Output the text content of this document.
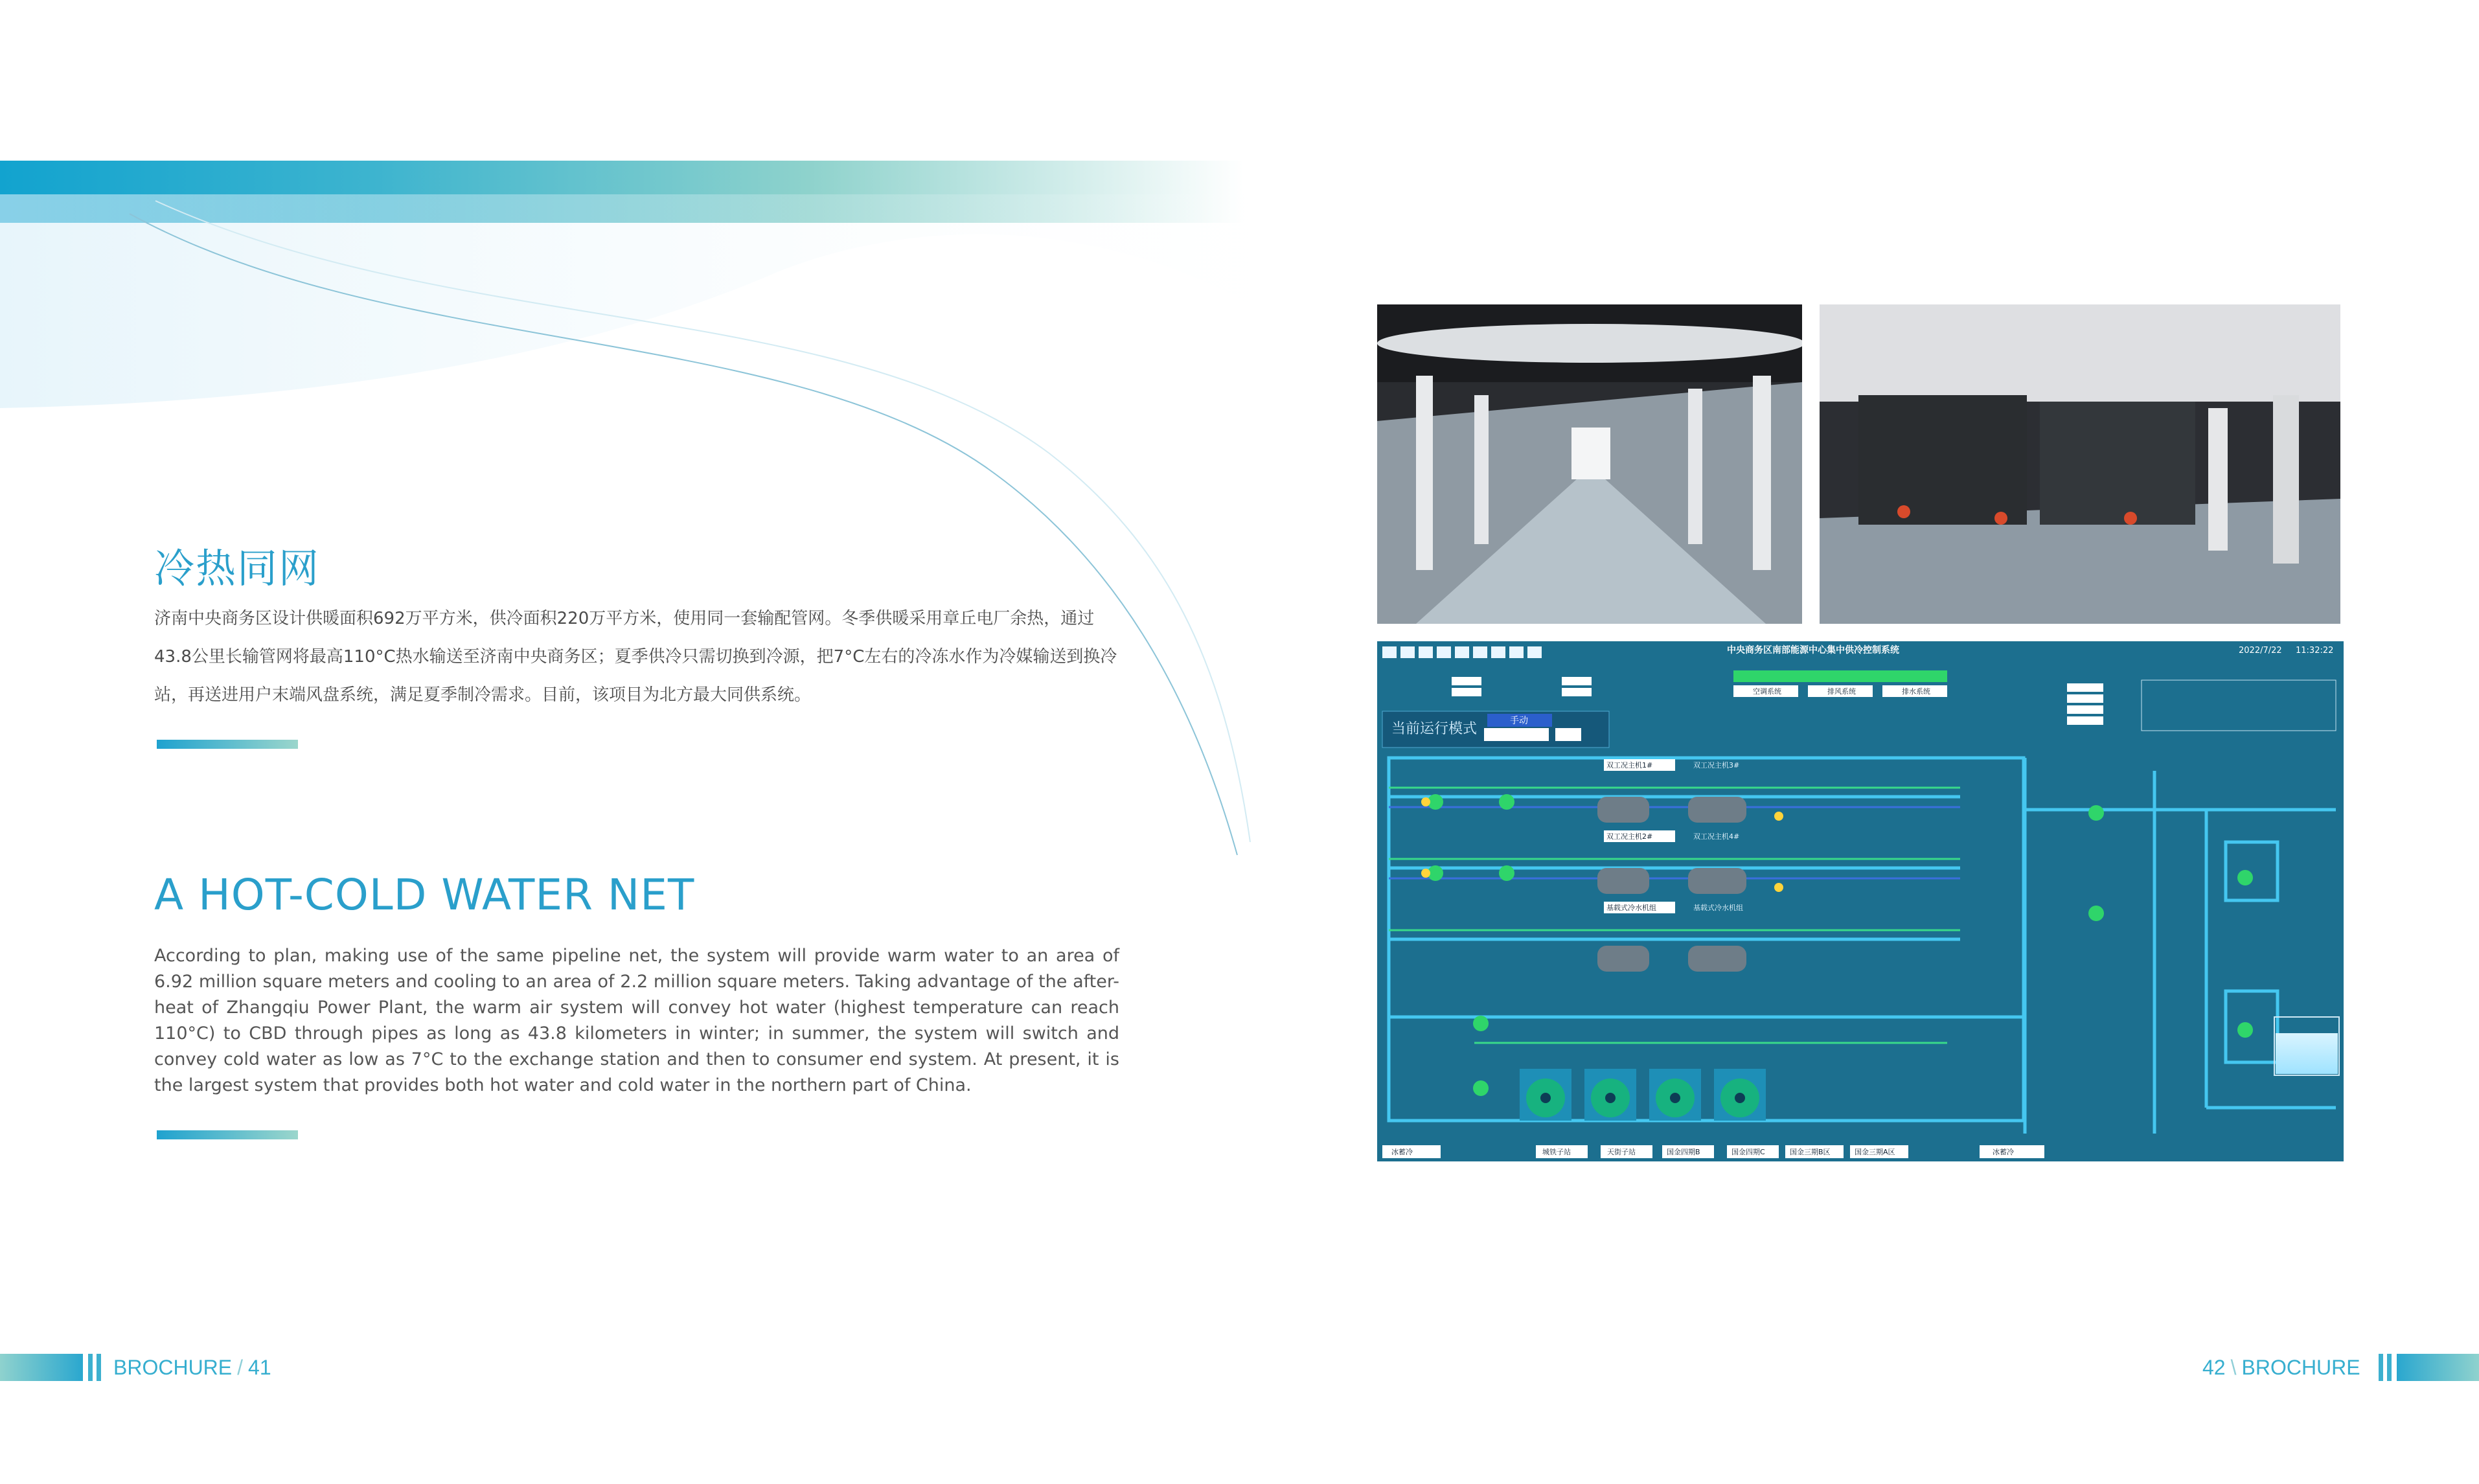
冷热同网
济南中央商务区设计供暖面积692万平方米，供冷面积220万平方米，使用同一套输配管网。冬季供暖采用章丘电厂余热，通过43.8公里长输管网将最高110°C热水输送至济南中央商务区；夏季供冷只需切换到冷源，把7°C左右的冷冻水作为冷媒输送到换冷站，再送进用户末端风盘系统，满足夏季制冷需求。目前，该项目为北方最大同供系统。
A HOT-COLD WATER NET
According to plan, making use of the same pipeline net, the system will provide warm water to an area of 6.92 million square meters and cooling to an area of 2.2 million square meters. Taking advantage of the after-heat of Zhangqiu Power Plant, the warm air system will convey hot water (highest temperature can reach 110°C) to CBD through pipes as long as 43.8 kilometers in winter; in summer, the system will switch and convey cold water as low as 7°C to the exchange station and then to consumer end system. At present, it is the largest system that provides both hot water and cold water in the northern part of China.
中央商务区南部能源中心集中供冷控制系统	2022/7/22 11:32:22
空调系统	排风系统	排水系统
当前运行模式	手动
双工况主机1#
双工况主机2#
基载式冷水机组
双工况主机3#
双工况主机4#
基载式冷水机组
冰蓄冷	城铁子站	天街子站	国金四期B	国金四期C	国金三期B区	国金三期A区	冰蓄冷
BROCHURE / 41	42 \ BROCHURE
